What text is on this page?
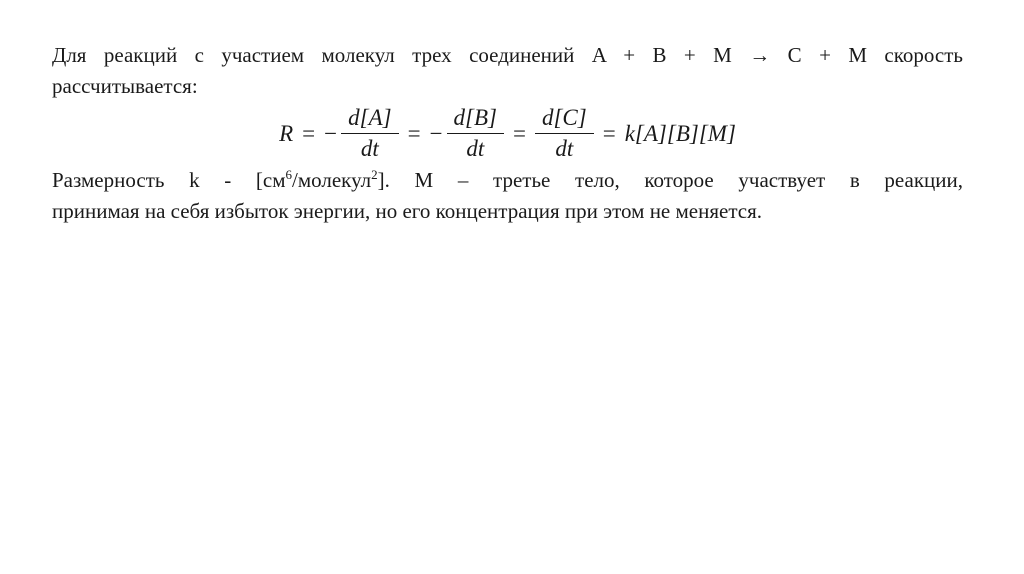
Для реакций с участием молекул трех соединений A + B + M → C + M скорость
рассчитывается:
R = − $\frac{d[A]}{dt}$ = − $\frac{d[B]}{dt} = \frac{d[C]}{dt} = k[A][B][M]$
Размерность k - $[см^6/молекул^2]$. M – третье тело, которое участвует в реакции,
принимая на себя избыток энергии, но его концентрация при этом не меняется.
